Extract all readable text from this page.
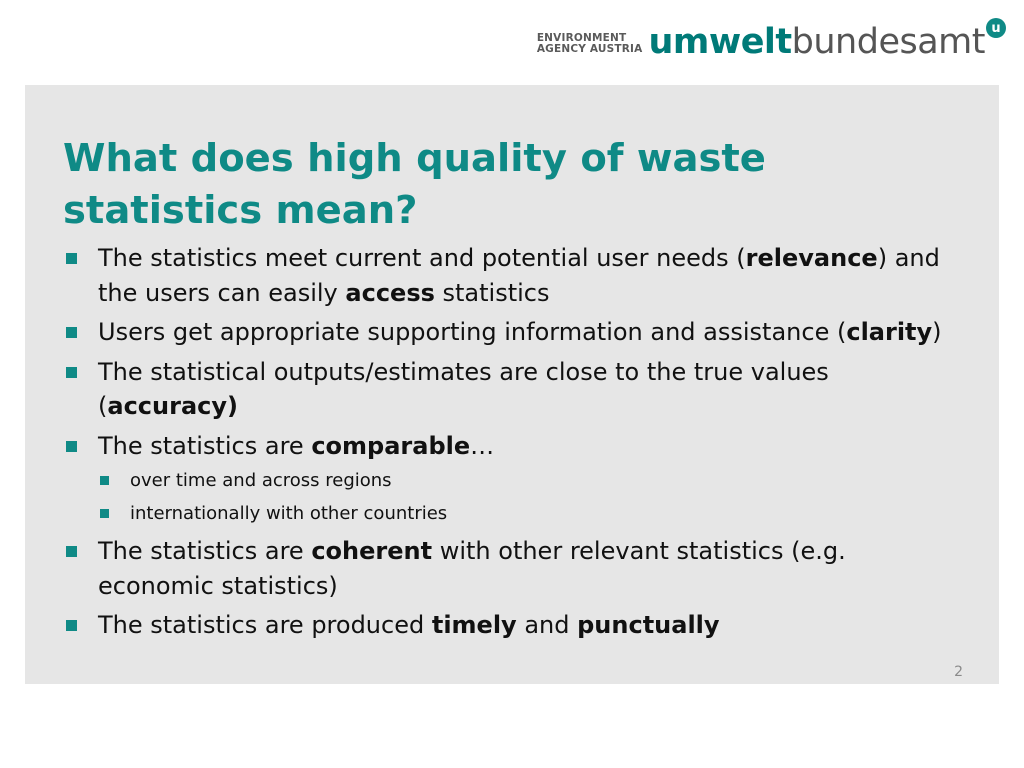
ENVIRONMENT
AGENCY AUSTRIA umweltbundesamt u
What does high quality of waste statistics mean?
The statistics meet current and potential user needs (relevance) and the users can easily access statistics
Users get appropriate supporting information and assistance (clarity)
The statistical outputs/estimates are close to the true values (accuracy)
The statistics are comparable…
over time and across regions
internationally with other countries
The statistics are coherent with other relevant statistics (e.g. economic statistics)
The statistics are produced timely and punctually
2
